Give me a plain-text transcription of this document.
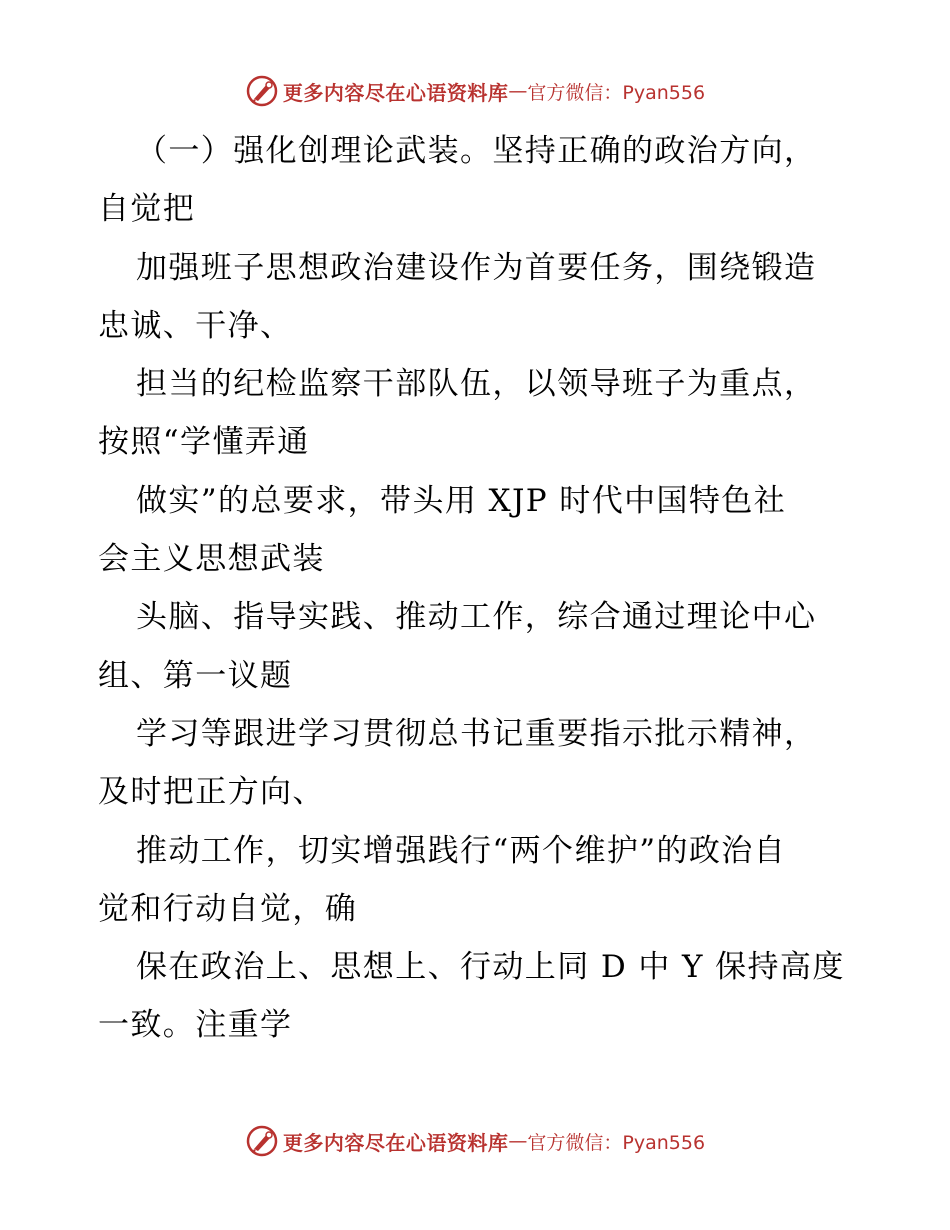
更多内容尽在心语资料库 — 官方微信：Pyan556
（一）强化创理论武装。坚持正确的政治方向，
自觉把
加强班子思想政治建设作为首要任务，围绕锻造
忠诚、干净、
担当的纪检监察干部队伍，以领导班子为重点，
按照“学懂弄通
做实”的总要求，带头用 XJP 时代中国特色社
会主义思想武装
头脑、指导实践、推动工作，综合通过理论中心
组、第一议题
学习等跟进学习贯彻总书记重要指示批示精神，
及时把正方向、
推动工作，切实增强践行“两个维护”的政治自
觉和行动自觉，确
保在政治上、思想上、行动上同 D 中 Y 保持高度
一致。注重学
更多内容尽在心语资料库 — 官方微信：Pyan556
